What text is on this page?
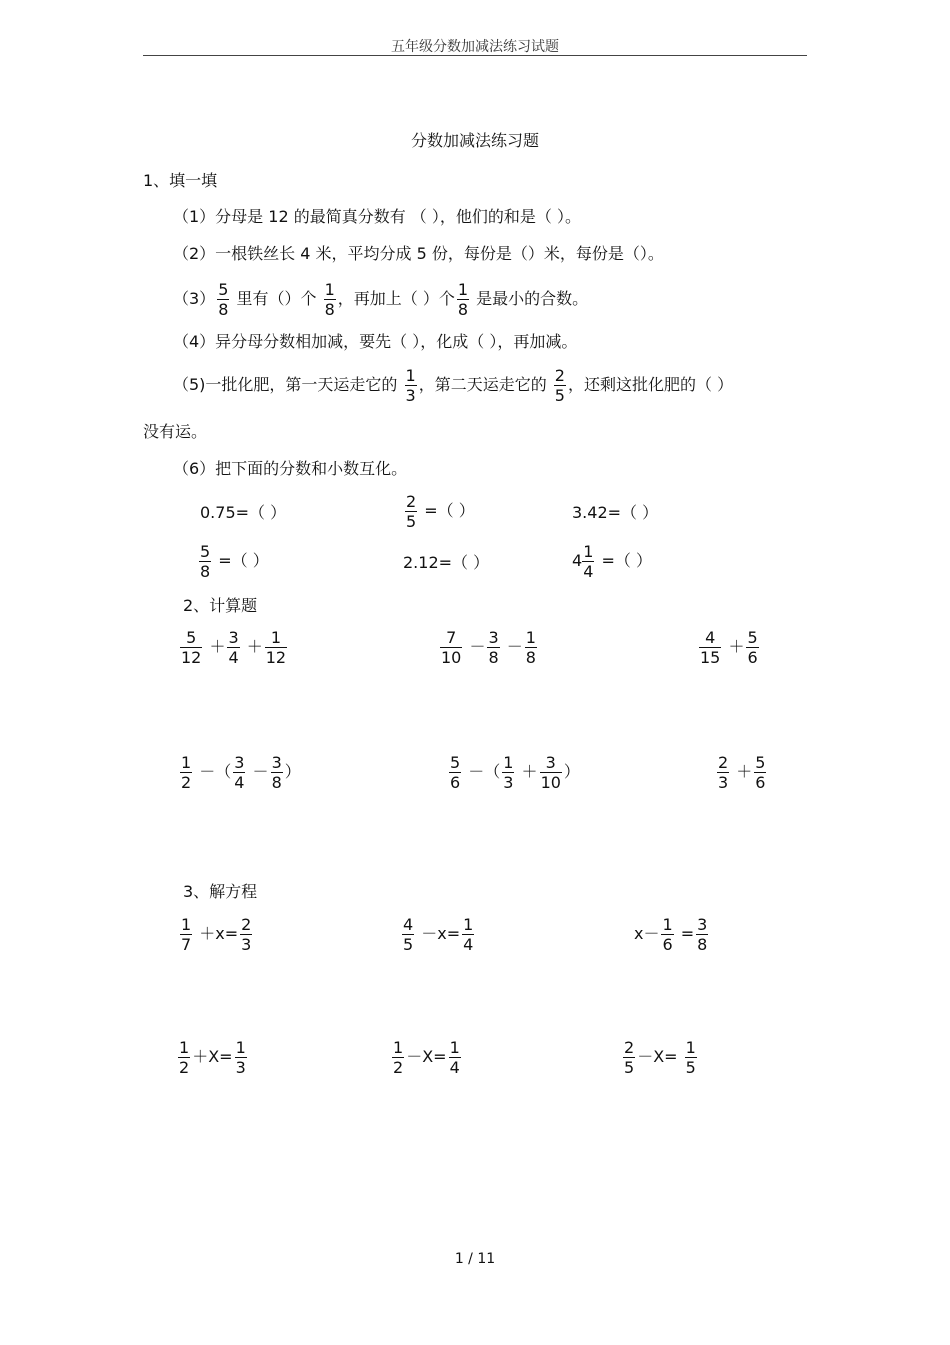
五年级分数加减法练习试题
分数加减法练习题
1、填一填
（1）分母是 12 的最简真分数有 （ ），他们的和是（ ）。
（2）一根铁丝长 4 米，平均分成 5 份，每份是（）米，每份是（）。
$(3) \frac{5}{8}$ 里有（）个 $\frac{1}{8}$ ，再加上（ ）个 $\frac{1}{8}$ 是最小的合数。
（4）异分母分数相加减，要先（ ），化成（ ），再加减。
（5)一批化肥，第一天运走它的 $\frac{1}{3}$ ，第二天运走它的 $\frac{2}{5}$ ，还剩这批化肥的（ ）
没有运。
（6）把下面的分数和小数互化。
0.75=（ ）	$\frac{2}{5}$ =（ ）	3.42=（ ）
$\frac{5}{8}$ =（ ）	2.12=（ ）	$4 \frac{1}{4}$ =（ ）
2、计算题
$\frac{5}{12} + \frac{3}{4} + \frac{1}{12}$	$\frac{7}{10} - \frac{3}{8} - \frac{1}{8}$	$\frac{4}{15} + \frac{5}{6}$
$\frac{1}{2}$ －（ $\frac{3}{4} - \frac{3}{8}$ ）	$\frac{5}{6}$ －（ $\frac{1}{3} + \frac{3}{10}$ ）	$\frac{2}{3} + \frac{5}{6}$
3、解方程
$\frac{1}{7} +x= \frac{2}{3}$	$\frac{4}{5} -x= \frac{1}{4}$	$x- \frac{1}{6} = \frac{3}{8}$
$\frac{1}{2} +X= \frac{1}{3}$	$\frac{1}{2} -X= \frac{1}{4}$	$\frac{2}{5} -X= \frac{1}{5}$
1 / 11
